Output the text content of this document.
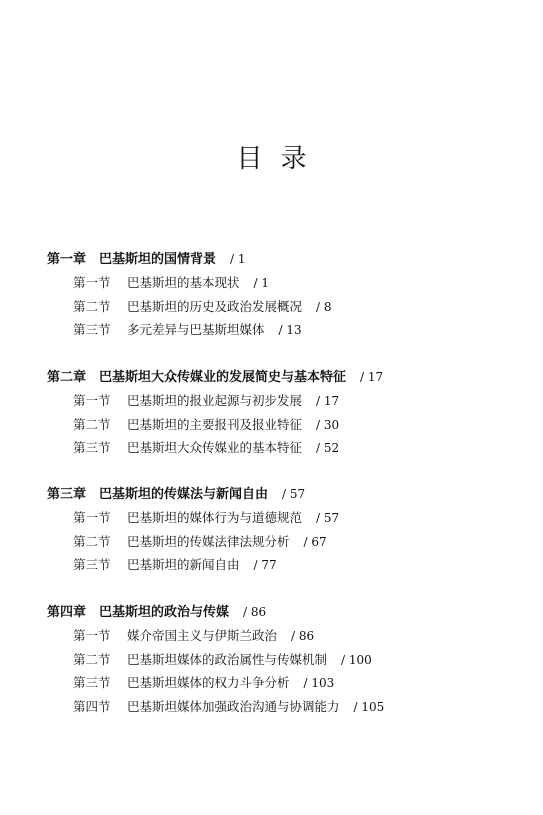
目录
第一章 巴基斯坦的国情背景 / 1
第一节 巴基斯坦的基本现状 / 1
第二节 巴基斯坦的历史及政治发展概况 / 8
第三节 多元差异与巴基斯坦媒体 / 13
第二章 巴基斯坦大众传媒业的发展简史与基本特征 / 17
第一节 巴基斯坦的报业起源与初步发展 / 17
第二节 巴基斯坦的主要报刊及报业特征 / 30
第三节 巴基斯坦大众传媒业的基本特征 / 52
第三章 巴基斯坦的传媒法与新闻自由 / 57
第一节 巴基斯坦的媒体行为与道德规范 / 57
第二节 巴基斯坦的传媒法律法规分析 / 67
第三节 巴基斯坦的新闻自由 / 77
第四章 巴基斯坦的政治与传媒 / 86
第一节 媒介帝国主义与伊斯兰政治 / 86
第二节 巴基斯坦媒体的政治属性与传媒机制 / 100
第三节 巴基斯坦媒体的权力斗争分析 / 103
第四节 巴基斯坦媒体加强政治沟通与协调能力 / 105
